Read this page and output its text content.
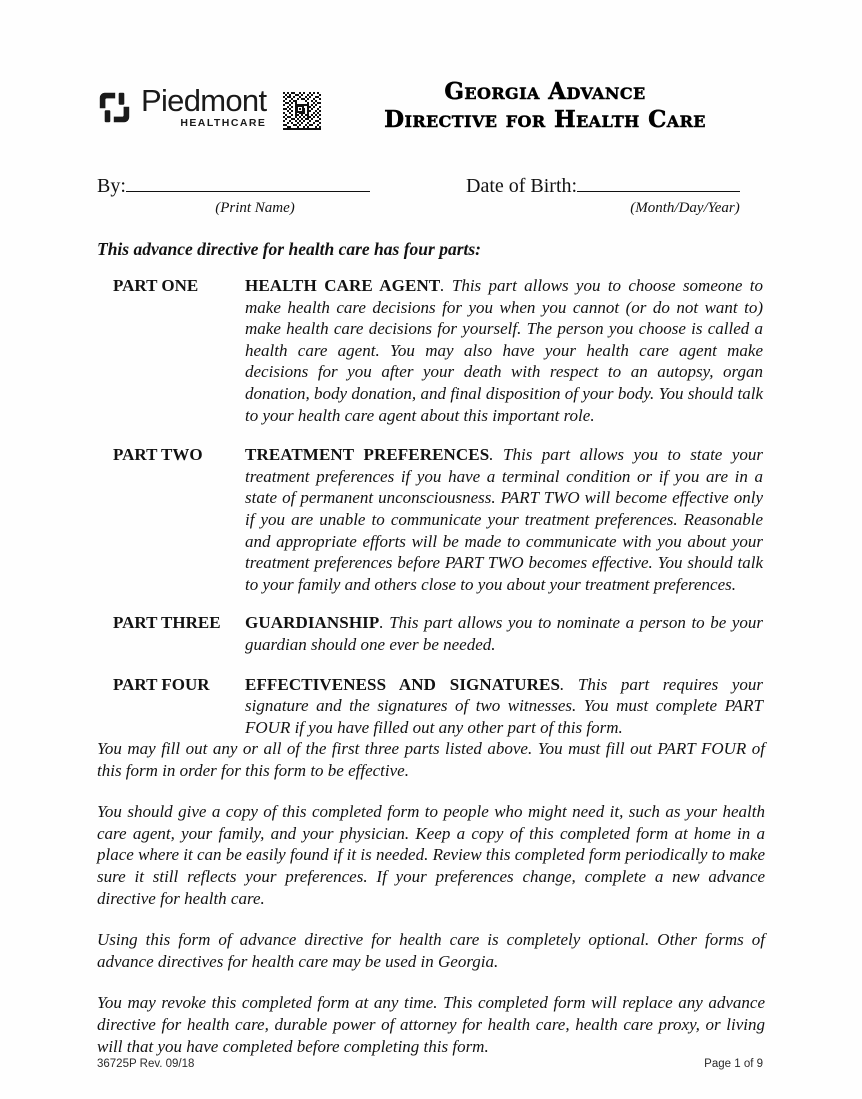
Piedmont
HEALTHCARE
Georgia Advance
Directive for Health Care
By:
(Print Name)
Date of Birth:
(Month/Day/Year)
This advance directive for health care has four parts:
PART ONE	HEALTH CARE AGENT. This part allows you to choose someone to make health care decisions for you when you cannot (or do not want to) make health care decisions for yourself. The person you choose is called a health care agent. You may also have your health care agent make decisions for you after your death with respect to an autopsy, organ donation, body donation, and final disposition of your body. You should talk to your health care agent about this important role.
PART TWO	TREATMENT PREFERENCES. This part allows you to state your treatment preferences if you have a terminal condition or if you are in a state of permanent unconsciousness. PART TWO will become effective only if you are unable to communicate your treatment preferences. Reasonable and appropriate efforts will be made to communicate with you about your treatment preferences before PART TWO becomes effective. You should talk to your family and others close to you about your treatment preferences.
PART THREE	GUARDIANSHIP. This part allows you to nominate a person to be your guardian should one ever be needed.
PART FOUR	EFFECTIVENESS AND SIGNATURES. This part requires your signature and the signatures of two witnesses. You must complete PART FOUR if you have filled out any other part of this form.

You may fill out any or all of the first three parts listed above. You must fill out PART FOUR of this form in order for this form to be effective.

You should give a copy of this completed form to people who might need it, such as your health care agent, your family, and your physician. Keep a copy of this completed form at home in a place where it can be easily found if it is needed. Review this completed form periodically to make sure it still reflects your preferences. If your preferences change, complete a new advance directive for health care.

Using this form of advance directive for health care is completely optional. Other forms of advance directives for health care may be used in Georgia.

You may revoke this completed form at any time. This completed form will replace any advance directive for health care, durable power of attorney for health care, health care proxy, or living will that you have completed before completing this form.

36725P Rev. 09/18	Page 1 of 9
